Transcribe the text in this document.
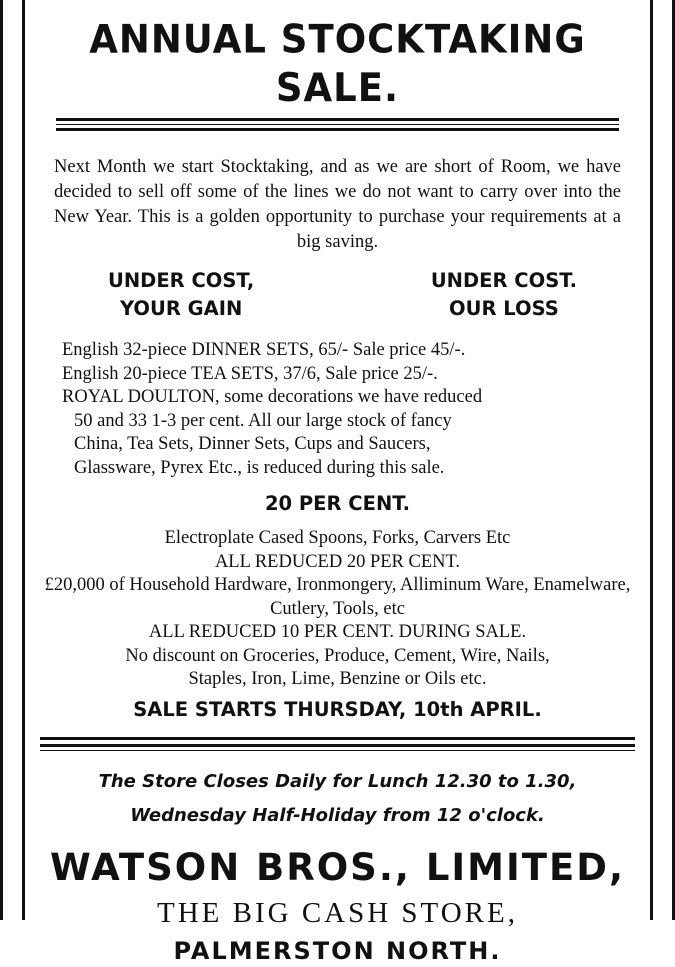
ANNUAL STOCKTAKING SALE.
Next Month we start Stocktaking, and as we are short of Room, we have decided to sell off some of the lines we do not want to carry over into the New Year. This is a golden opportunity to purchase your requirements at a big saving.
UNDER COST,
YOUR GAIN
UNDER COST.
OUR LOSS
English 32-piece DINNER SETS, 65/- Sale price 45/-.
English 20-piece TEA SETS, 37/6, Sale price 25/-.
ROYAL DOULTON, some decorations we have reduced
50 and 33 1-3 per cent. All our large stock of fancy
China, Tea Sets, Dinner Sets, Cups and Saucers,
Glassware, Pyrex Etc., is reduced during this sale.
20 PER CENT.
Electroplate Cased Spoons, Forks, Carvers Etc
ALL REDUCED 20 PER CENT.
£20,000 of Household Hardware, Ironmongery, Alliminum Ware, Enamelware, Cutlery, Tools, etc
ALL REDUCED 10 PER CENT. DURING SALE.
No discount on Groceries, Produce, Cement, Wire, Nails,
Staples, Iron, Lime, Benzine or Oils etc.
SALE STARTS THURSDAY, 10th APRIL.
The Store Closes Daily for Lunch 12.30 to 1.30, Wednesday Half-Holiday from 12 o'clock.
WATSON BROS., LIMITED,
THE BIG CASH STORE,
PALMERSTON NORTH.
